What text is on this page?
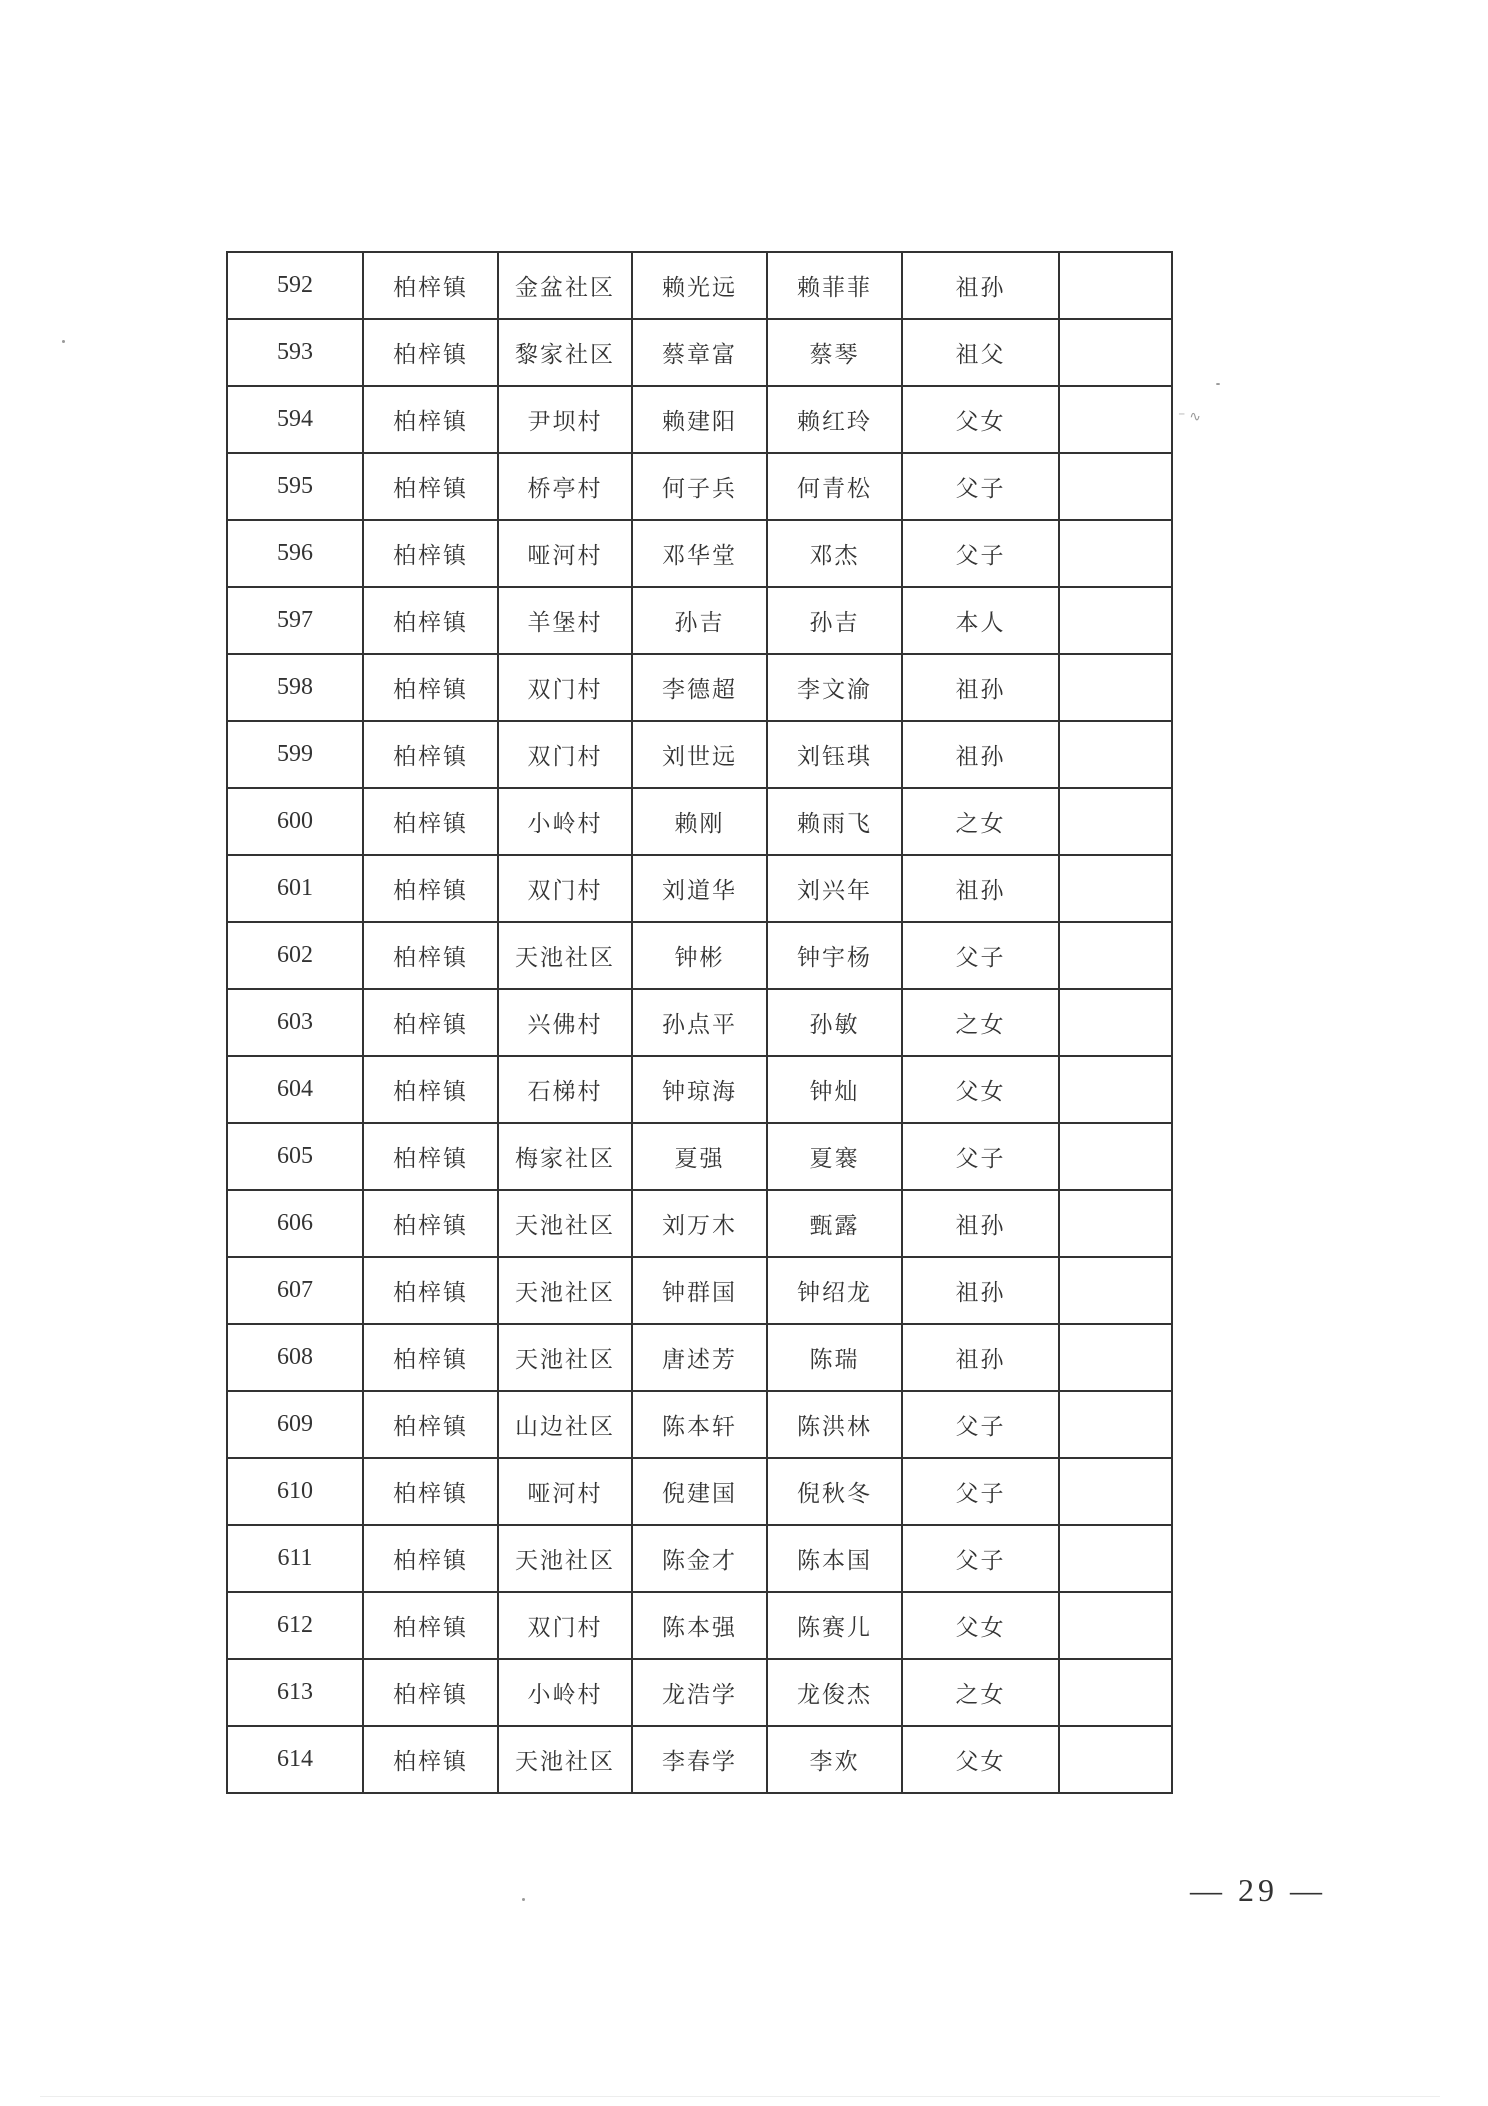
592	柏梓镇	金盆社区	赖光远	赖菲菲	祖孙	
593	柏梓镇	黎家社区	蔡章富	蔡琴	祖父	
594	柏梓镇	尹坝村	赖建阳	赖红玲	父女	
595	柏梓镇	桥亭村	何子兵	何青松	父子	
596	柏梓镇	哑河村	邓华堂	邓杰	父子	
597	柏梓镇	羊堡村	孙吉	孙吉	本人	
598	柏梓镇	双门村	李德超	李文渝	祖孙	
599	柏梓镇	双门村	刘世远	刘钰琪	祖孙	
600	柏梓镇	小岭村	赖刚	赖雨飞	之女	
601	柏梓镇	双门村	刘道华	刘兴年	祖孙	
602	柏梓镇	天池社区	钟彬	钟宇杨	父子	
603	柏梓镇	兴佛村	孙点平	孙敏	之女	
604	柏梓镇	石梯村	钟琼海	钟灿	父女	
605	柏梓镇	梅家社区	夏强	夏褰	父子	
606	柏梓镇	天池社区	刘万木	甄露	祖孙	
607	柏梓镇	天池社区	钟群国	钟绍龙	祖孙	
608	柏梓镇	天池社区	唐述芳	陈瑞	祖孙	
609	柏梓镇	山边社区	陈本轩	陈洪林	父子	
610	柏梓镇	哑河村	倪建国	倪秋冬	父子	
611	柏梓镇	天池社区	陈金才	陈本国	父子	
612	柏梓镇	双门村	陈本强	陈赛儿	父女	
613	柏梓镇	小岭村	龙浩学	龙俊杰	之女	
614	柏梓镇	天池社区	李春学	李欢	父女	
⁻ ∿
— 29 —
